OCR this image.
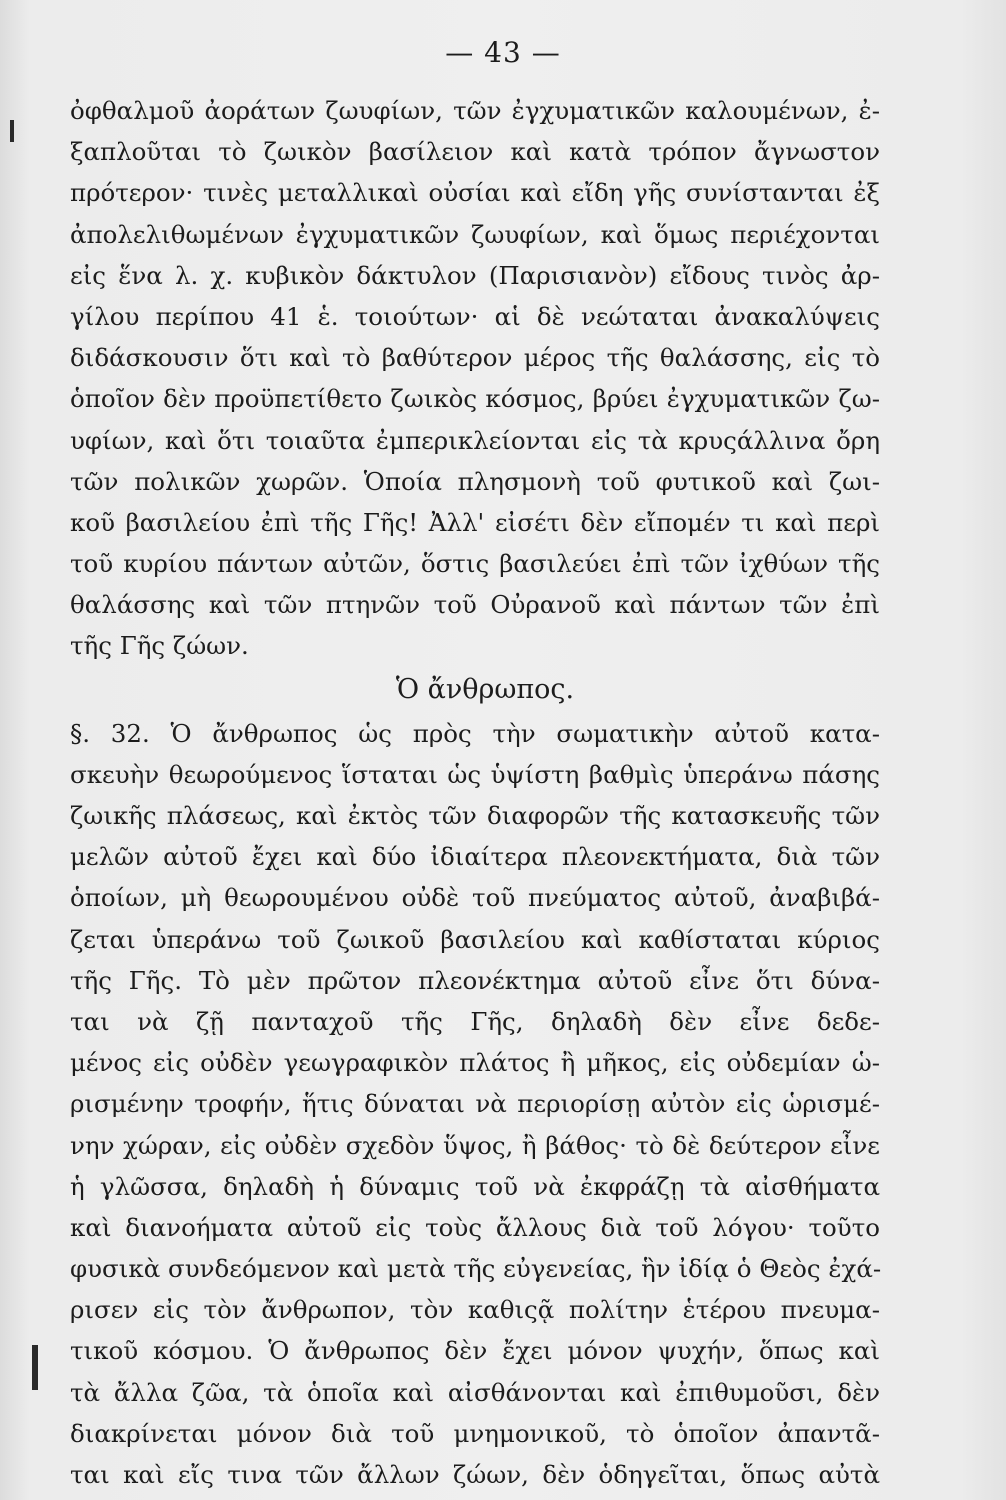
— 43 —
ὀφθαλμοῦ ἀοράτων ζωυφίων, τῶν ἐγχυματικῶν καλουμένων, ἐ-
ξαπλοῦται τὸ ζωικὸν βασίλειον καὶ κατὰ τρόπον ἄγνωστον
πρότερον· τινὲς μεταλλικαὶ οὐσίαι καὶ εἴδη γῆς συνίστανται ἐξ
ἀπολελιθωμένων ἐγχυματικῶν ζωυφίων, καὶ ὅμως περιέχονται
εἰς ἕνα λ. χ. κυβικὸν δάκτυλον (Παρισιανὸν) εἴδους τινὸς ἀρ-
γίλου περίπου 41 ἑ. τοιούτων· αἱ δὲ νεώταται ἀνακαλύψεις
διδάσκουσιν ὅτι καὶ τὸ βαθύτερον μέρος τῆς θαλάσσης, εἰς τὸ
ὁποῖον δὲν προϋπετίθετο ζωικὸς κόσμος, βρύει ἐγχυματικῶν ζω-
υφίων, καὶ ὅτι τοιαῦτα ἐμπερικλείονται εἰς τὰ κρυςάλλινα ὄρη
τῶν πολικῶν χωρῶν. Ὁποία πλησμονὴ τοῦ φυτικοῦ καὶ ζωι-
κοῦ βασιλείου ἐπὶ τῆς Γῆς! Ἀλλ' εἰσέτι δὲν εἴπομέν τι καὶ περὶ
τοῦ κυρίου πάντων αὐτῶν, ὅστις βασιλεύει ἐπὶ τῶν ἰχθύων τῆς
θαλάσσης καὶ τῶν πτηνῶν τοῦ Οὐρανοῦ καὶ πάντων τῶν ἐπὶ
τῆς Γῆς ζώων.
Ὁ ἄνθρωπος.
§. 32. Ὁ ἄνθρωπος ὡς πρὸς τὴν σωματικὴν αὐτοῦ κατα-
σκευὴν θεωρούμενος ἵσταται ὡς ὑψίστη βαθμὶς ὑπεράνω πάσης
ζωικῆς πλάσεως, καὶ ἐκτὸς τῶν διαφορῶν τῆς κατασκευῆς τῶν
μελῶν αὐτοῦ ἔχει καὶ δύο ἰδιαίτερα πλεονεκτήματα, διὰ τῶν
ὁποίων, μὴ θεωρουμένου οὐδὲ τοῦ πνεύματος αὐτοῦ, ἀναβιβά-
ζεται ὑπεράνω τοῦ ζωικοῦ βασιλείου καὶ καθίσταται κύριος
τῆς Γῆς. Τὸ μὲν πρῶτον πλεονέκτημα αὐτοῦ εἶνε ὅτι δύνα-
ται νὰ ζῇ πανταχοῦ τῆς Γῆς, δηλαδὴ δὲν εἶνε δεδε-
μένος εἰς οὐδὲν γεωγραφικὸν πλάτος ἢ μῆκος, εἰς οὐδεμίαν ὡ-
ρισμένην τροφήν, ἥτις δύναται νὰ περιορίσῃ αὐτὸν εἰς ὡρισμέ-
νην χώραν, εἰς οὐδὲν σχεδὸν ὕψος, ἢ βάθος· τὸ δὲ δεύτερον εἶνε
ἡ γλῶσσα, δηλαδὴ ἡ δύναμις τοῦ νὰ ἐκφράζῃ τὰ αἰσθήματα
καὶ διανοήματα αὐτοῦ εἰς τοὺς ἄλλους διὰ τοῦ λόγου· τοῦτο
φυσικὰ συνδεόμενον καὶ μετὰ τῆς εὐγενείας, ἣν ἰδίᾳ ὁ Θεὸς ἐχά-
ρισεν εἰς τὸν ἄνθρωπον, τὸν καθιςᾷ πολίτην ἑτέρου πνευμα-
τικοῦ κόσμου. Ὁ ἄνθρωπος δὲν ἔχει μόνον ψυχήν, ὅπως καὶ
τὰ ἄλλα ζῶα, τὰ ὁποῖα καὶ αἰσθάνονται καὶ ἐπιθυμοῦσι, δὲν
διακρίνεται μόνον διὰ τοῦ μνημονικοῦ, τὸ ὁποῖον ἀπαντᾶ-
ται καὶ εἴς τινα τῶν ἄλλων ζώων, δὲν ὁδηγεῖται, ὅπως αὐτὰ
